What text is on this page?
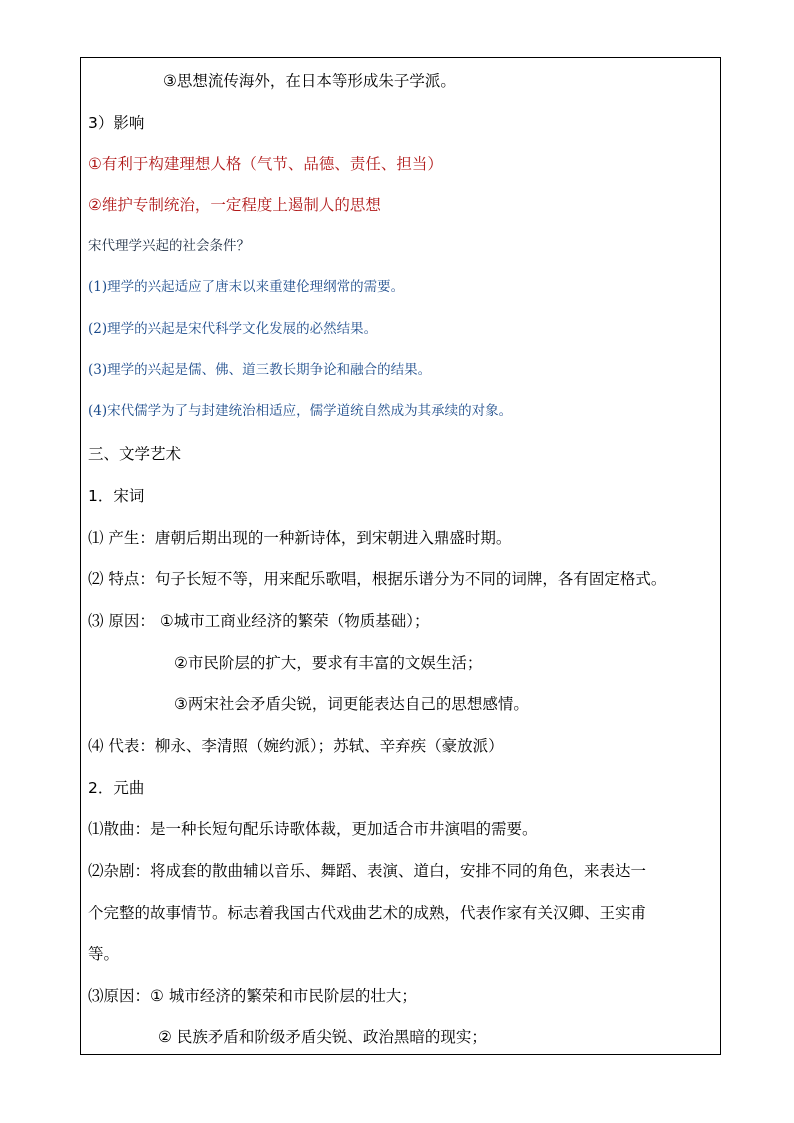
③思想流传海外，在日本等形成朱子学派。
3）影响
①有利于构建理想人格（气节、品德、责任、担当）
②维护专制统治，一定程度上遏制人的思想
宋代理学兴起的社会条件？
(1)理学的兴起适应了唐末以来重建伦理纲常的需要。
(2)理学的兴起是宋代科学文化发展的必然结果。
(3)理学的兴起是儒、佛、道三教长期争论和融合的结果。
(4)宋代儒学为了与封建统治相适应，儒学道统自然成为其承续的对象。
三、文学艺术
1．宋词
⑴ 产生：唐朝后期出现的一种新诗体，到宋朝进入鼎盛时期。
⑵ 特点：句子长短不等，用来配乐歌唱，根据乐谱分为不同的词牌，各有固定格式。
⑶ 原因： ①城市工商业经济的繁荣（物质基础）；
②市民阶层的扩大，要求有丰富的文娱生活；
③两宋社会矛盾尖锐，词更能表达自己的思想感情。
⑷ 代表：柳永、李清照（婉约派）；苏轼、辛弃疾（豪放派）
2．元曲
⑴散曲：是一种长短句配乐诗歌体裁，更加适合市井演唱的需要。
⑵杂剧：将成套的散曲辅以音乐、舞蹈、表演、道白，安排不同的角色，来表达一
个完整的故事情节。标志着我国古代戏曲艺术的成熟，代表作家有关汉卿、王实甫
等。
⑶原因：① 城市经济的繁荣和市民阶层的壮大；
② 民族矛盾和阶级矛盾尖锐、政治黑暗的现实；
